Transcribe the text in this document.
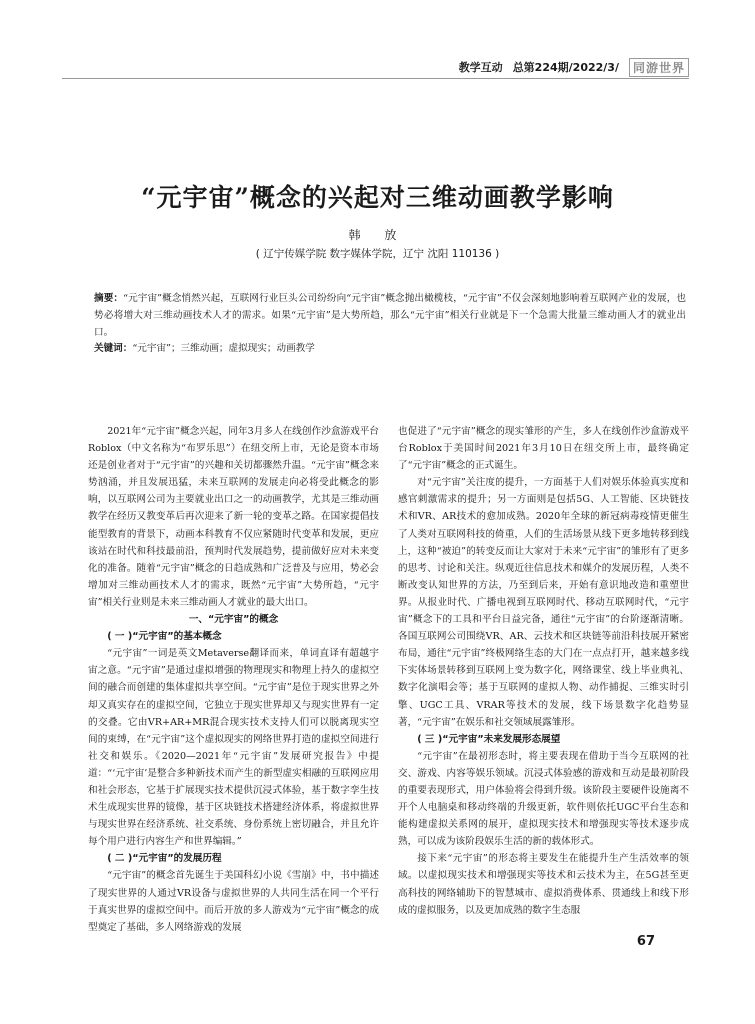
教学互动 总第224期/2022/3/	同游世界
“元宇宙”概念的兴起对三维动画教学影响

韩 放

( 辽宁传媒学院 数字媒体学院，辽宁 沈阳 110136 )

摘要：“元宇宙”概念悄然兴起，互联网行业巨头公司纷纷向“元宇宙”概念抛出橄榄枝，“元宇宙”不仅会深刻地影响着互联网产业的发展，也势必将增大对三维动画技术人才的需求。如果“元宇宙”是大势所趋，那么“元宇宙”相关行业就是下一个急需大批量三维动画人才的就业出口。

关键词：“元宇宙”；三维动画；虚拟现实；动画教学

2021年“元宇宙”概念兴起，同年3月多人在线创作沙盒游戏平台Roblox（中文名称为“布罗乐思”）在纽交所上市，无论是资本市场还是创业者对于“元宇宙”的兴趣和关切都骤然升温。“元宇宙”概念来势汹涌，并且发展迅猛，未来互联网的发展走向必将受此概念的影响，以互联网公司为主要就业出口之一的动画教学，尤其是三维动画教学在经历又教变革后再次迎来了新一轮的变革之路。在国家提倡技能型教育的背景下，动画本科教育不仅应紧随时代变革和发展，更应该站在时代和科技最前沿，预判时代发展趋势，提前做好应对未来变化的准备。随着“元宇宙”概念的日趋成熟和广泛普及与应用，势必会增加对三维动画技术人才的需求，既然“元宇宙”大势所趋，“元宇宙”相关行业则是未来三维动画人才就业的最大出口。

一、“元宇宙”的概念
( 一 )“元宇宙”的基本概念

“元宇宙”一词是英文Metaverse翻译而来，单词直译有超越宇宙之意。“元宇宙”是通过虚拟增强的物理现实和物理上持久的虚拟空间的融合而创建的集体虚拟共享空间。“元宇宙”是位于现实世界之外却又真实存在的虚拟空间，它独立于现实世界却又与现实世界有一定的交叠。它由VR+AR+MR混合现实技术支持人们可以脱离现实空间的束缚，在“元宇宙”这个虚拟现实的网络世界打造的虚拟空间进行社交和娱乐。《2020—2021年“元宇宙”发展研究报告》中提道：“‘元宇宙’是整合多种新技术而产生的新型虚实相融的互联网应用和社会形态，它基于扩展现实技术提供沉浸式体验，基于数字孪生技术生成现实世界的镜像，基于区块链技术搭建经济体系，将虚拟世界与现实世界在经济系统、社交系统、身份系统上密切融合，并且允许每个用户进行内容生产和世界编辑。”

( 二 )“元宇宙”的发展历程

“元宇宙”的概念首先诞生于美国科幻小说《雪崩》中，书中描述了现实世界的人通过VR设备与虚拟世界的人共同生活在同一个平行于真实世界的虚拟空间中。而后开放的多人游戏为“元宇宙”概念的成型奠定了基础，多人网络游戏的发展

也促进了“元宇宙”概念的现实雏形的产生，多人在线创作沙盒游戏平台Roblox于美国时间2021年3月10日在纽交所上市，最终确定了“元宇宙”概念的正式诞生。

对“元宇宙”关注度的提升，一方面基于人们对娱乐体验真实度和感官刺激需求的提升；另一方面则是包括5G、人工智能、区块链技术和VR、AR技术的愈加成熟。2020年全球的新冠病毒疫情更催生了人类对互联网科技的倚重，人们的生活场景从线下更多地转移到线上，这种“被迫”的转变反而让大家对于未来“元宇宙”的雏形有了更多的思考、讨论和关注。纵观近往信息技术和媒介的发展历程，人类不断改变认知世界的方法，乃至到后来，开始有意识地改造和重塑世界。从报业时代、广播电视到互联网时代、移动互联网时代，“元宇宙”概念下的工具和平台日益完备，通往“元宇宙”的台阶逐渐清晰。各国互联网公司围绕VR、AR、云技术和区块链等前沿科技展开紧密布局，通往“元宇宙”终极网络生态的大门在一点点打开，越来越多线下实体场景转移到互联网上变为数字化，网络课堂、线上毕业典礼、数字化演唱会等；基于互联网的虚拟人物、动作捕捉、三维实时引擎、UGC工具、VRAR等技术的发展，线下场景数字化趋势显著，“元宇宙”在娱乐和社交领域展露雏形。

( 三 )“元宇宙”未来发展形态展望

“元宇宙”在最初形态时，将主要表现在借助于当今互联网的社交、游戏、内容等娱乐领域。沉浸式体验感的游戏和互动是最初阶段的重要表现形式，用户体验将会得到升级。该阶段主要硬件设施离不开个人电脑桌和移动终端的升级更新，软件则依托UGC平台生态和能构建虚拟关系网的展开，虚拟现实技术和增强现实等技术逐步成熟，可以成为该阶段娱乐生活的新的载体形式。

接下来“元宇宙”的形态将主要发生在能提升生产生活效率的领域。以虚拟现实技术和增强现实等技术和云技术为主，在5G甚至更高科技的网络辅助下的智慧城市、虚拟消费体系、贯通线上和线下形成的虚拟服务，以及更加成熟的数字生态服

67
